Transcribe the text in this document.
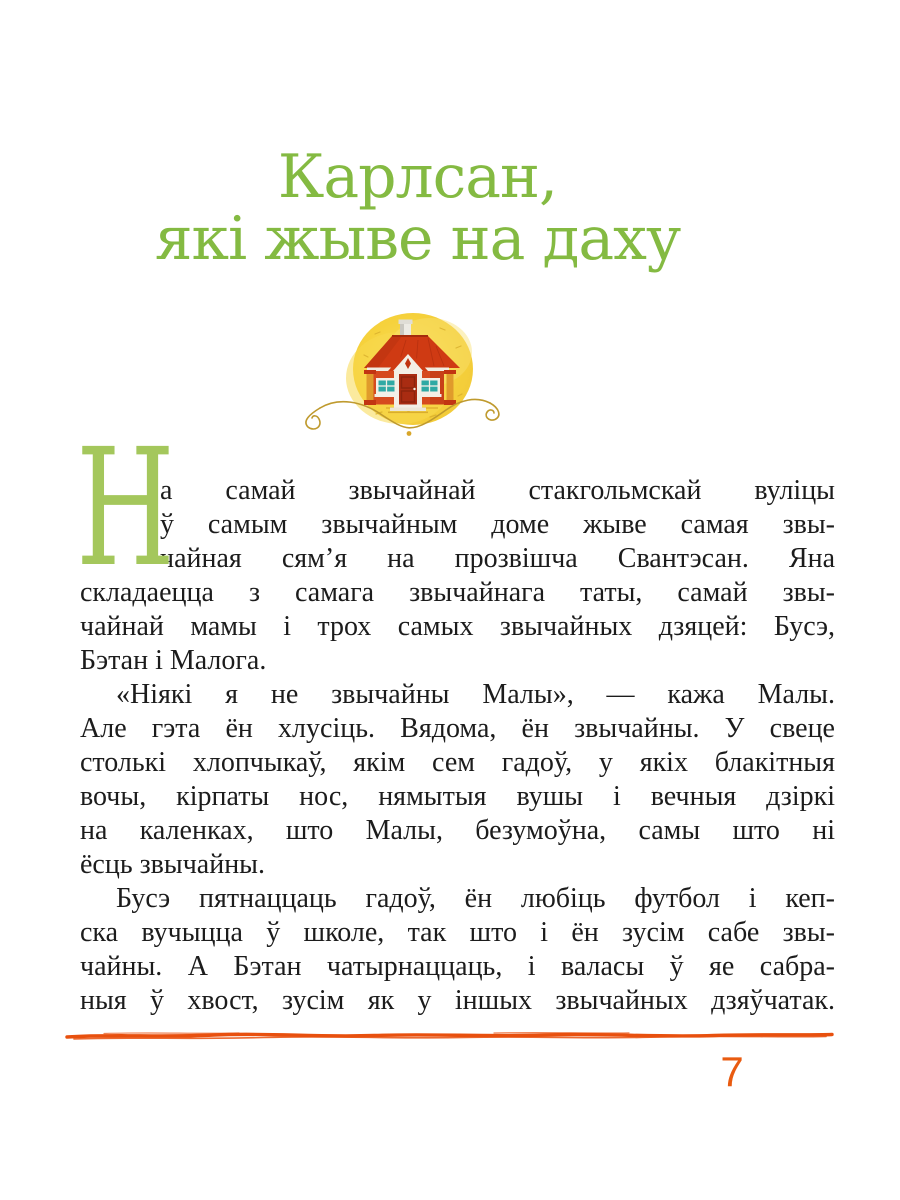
Карлсан,
які жыве на даху
Н
а самай звычайнай стакгольмскай вуліцы
ў самым звычайным доме жыве самая звы-
чайная сям’я на прозвішча Свантэсан. Яна
складаецца з самага звычайнага таты, самай звы-
чайнай мамы і трох самых звычайных дзяцей: Бусэ,
Бэтан і Малога.
«Ніякі я не звычайны Малы», — кажа Малы.
Але гэта ён хлусіць. Вядома, ён звычайны. У свеце
столькі хлопчыкаў, якім сем гадоў, у якіх блакітныя
вочы, кірпаты нос, нямытыя вушы і вечныя дзіркі
на каленках, што Малы, безумоўна, самы што ні
ёсць звычайны.
Бусэ пятнаццаць гадоў, ён любіць футбол і кеп-
ска вучыцца ў школе, так што і ён зусім сабе звы-
чайны. А Бэтан чатырнаццаць, і валасы ў яе сабра-
ныя ў хвост, зусім як у іншых звычайных дзяўчатак.
7
